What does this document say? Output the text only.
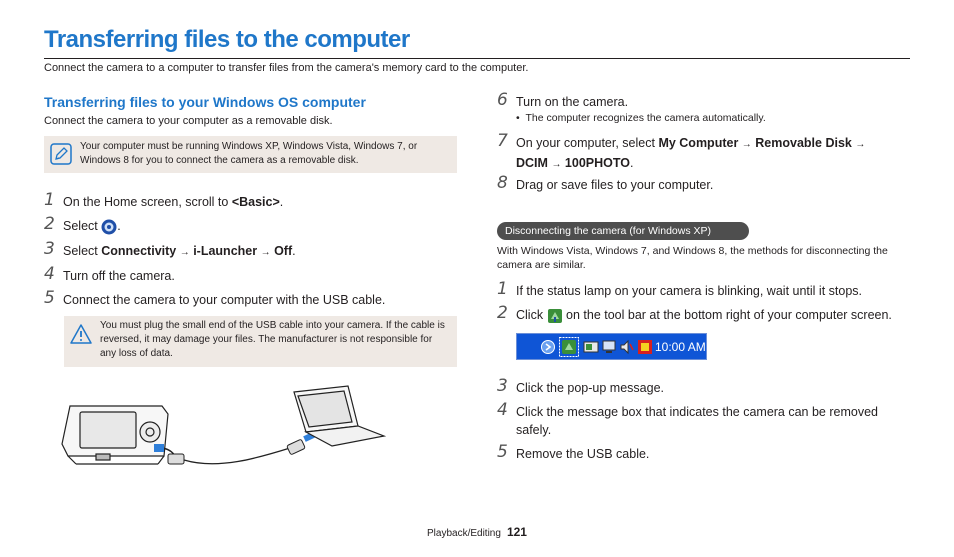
Transferring files to the computer
Connect the camera to a computer to transfer files from the camera's memory card to the computer.
Transferring files to your Windows OS computer
Connect the camera to your computer as a removable disk.
Your computer must be running Windows XP, Windows Vista, Windows 7, or Windows 8 for you to connect the camera as a removable disk.
1 On the Home screen, scroll to <Basic>.
2 Select .
3 Select Connectivity → i-Launcher → Off.
4 Turn off the camera.
5 Connect the camera to your computer with the USB cable.
You must plug the small end of the USB cable into your camera. If the cable is reversed, it may damage your files. The manufacturer is not responsible for any loss of data.
6 Turn on the camera.
•  The computer recognizes the camera automatically.
7 On your computer, select My Computer → Removable Disk →
DCIM → 100PHOTO.
8 Drag or save files to your computer.
Disconnecting the camera (for Windows XP)
With Windows Vista, Windows 7, and Windows 8, the methods for disconnecting the camera are similar.
1 If the status lamp on your camera is blinking, wait until it stops.
2 Click  on the tool bar at the bottom right of your computer screen.
10:00 AM
3 Click the pop-up message.
4 Click the message box that indicates the camera can be removed safely.
5 Remove the USB cable.
Playback/Editing 121
